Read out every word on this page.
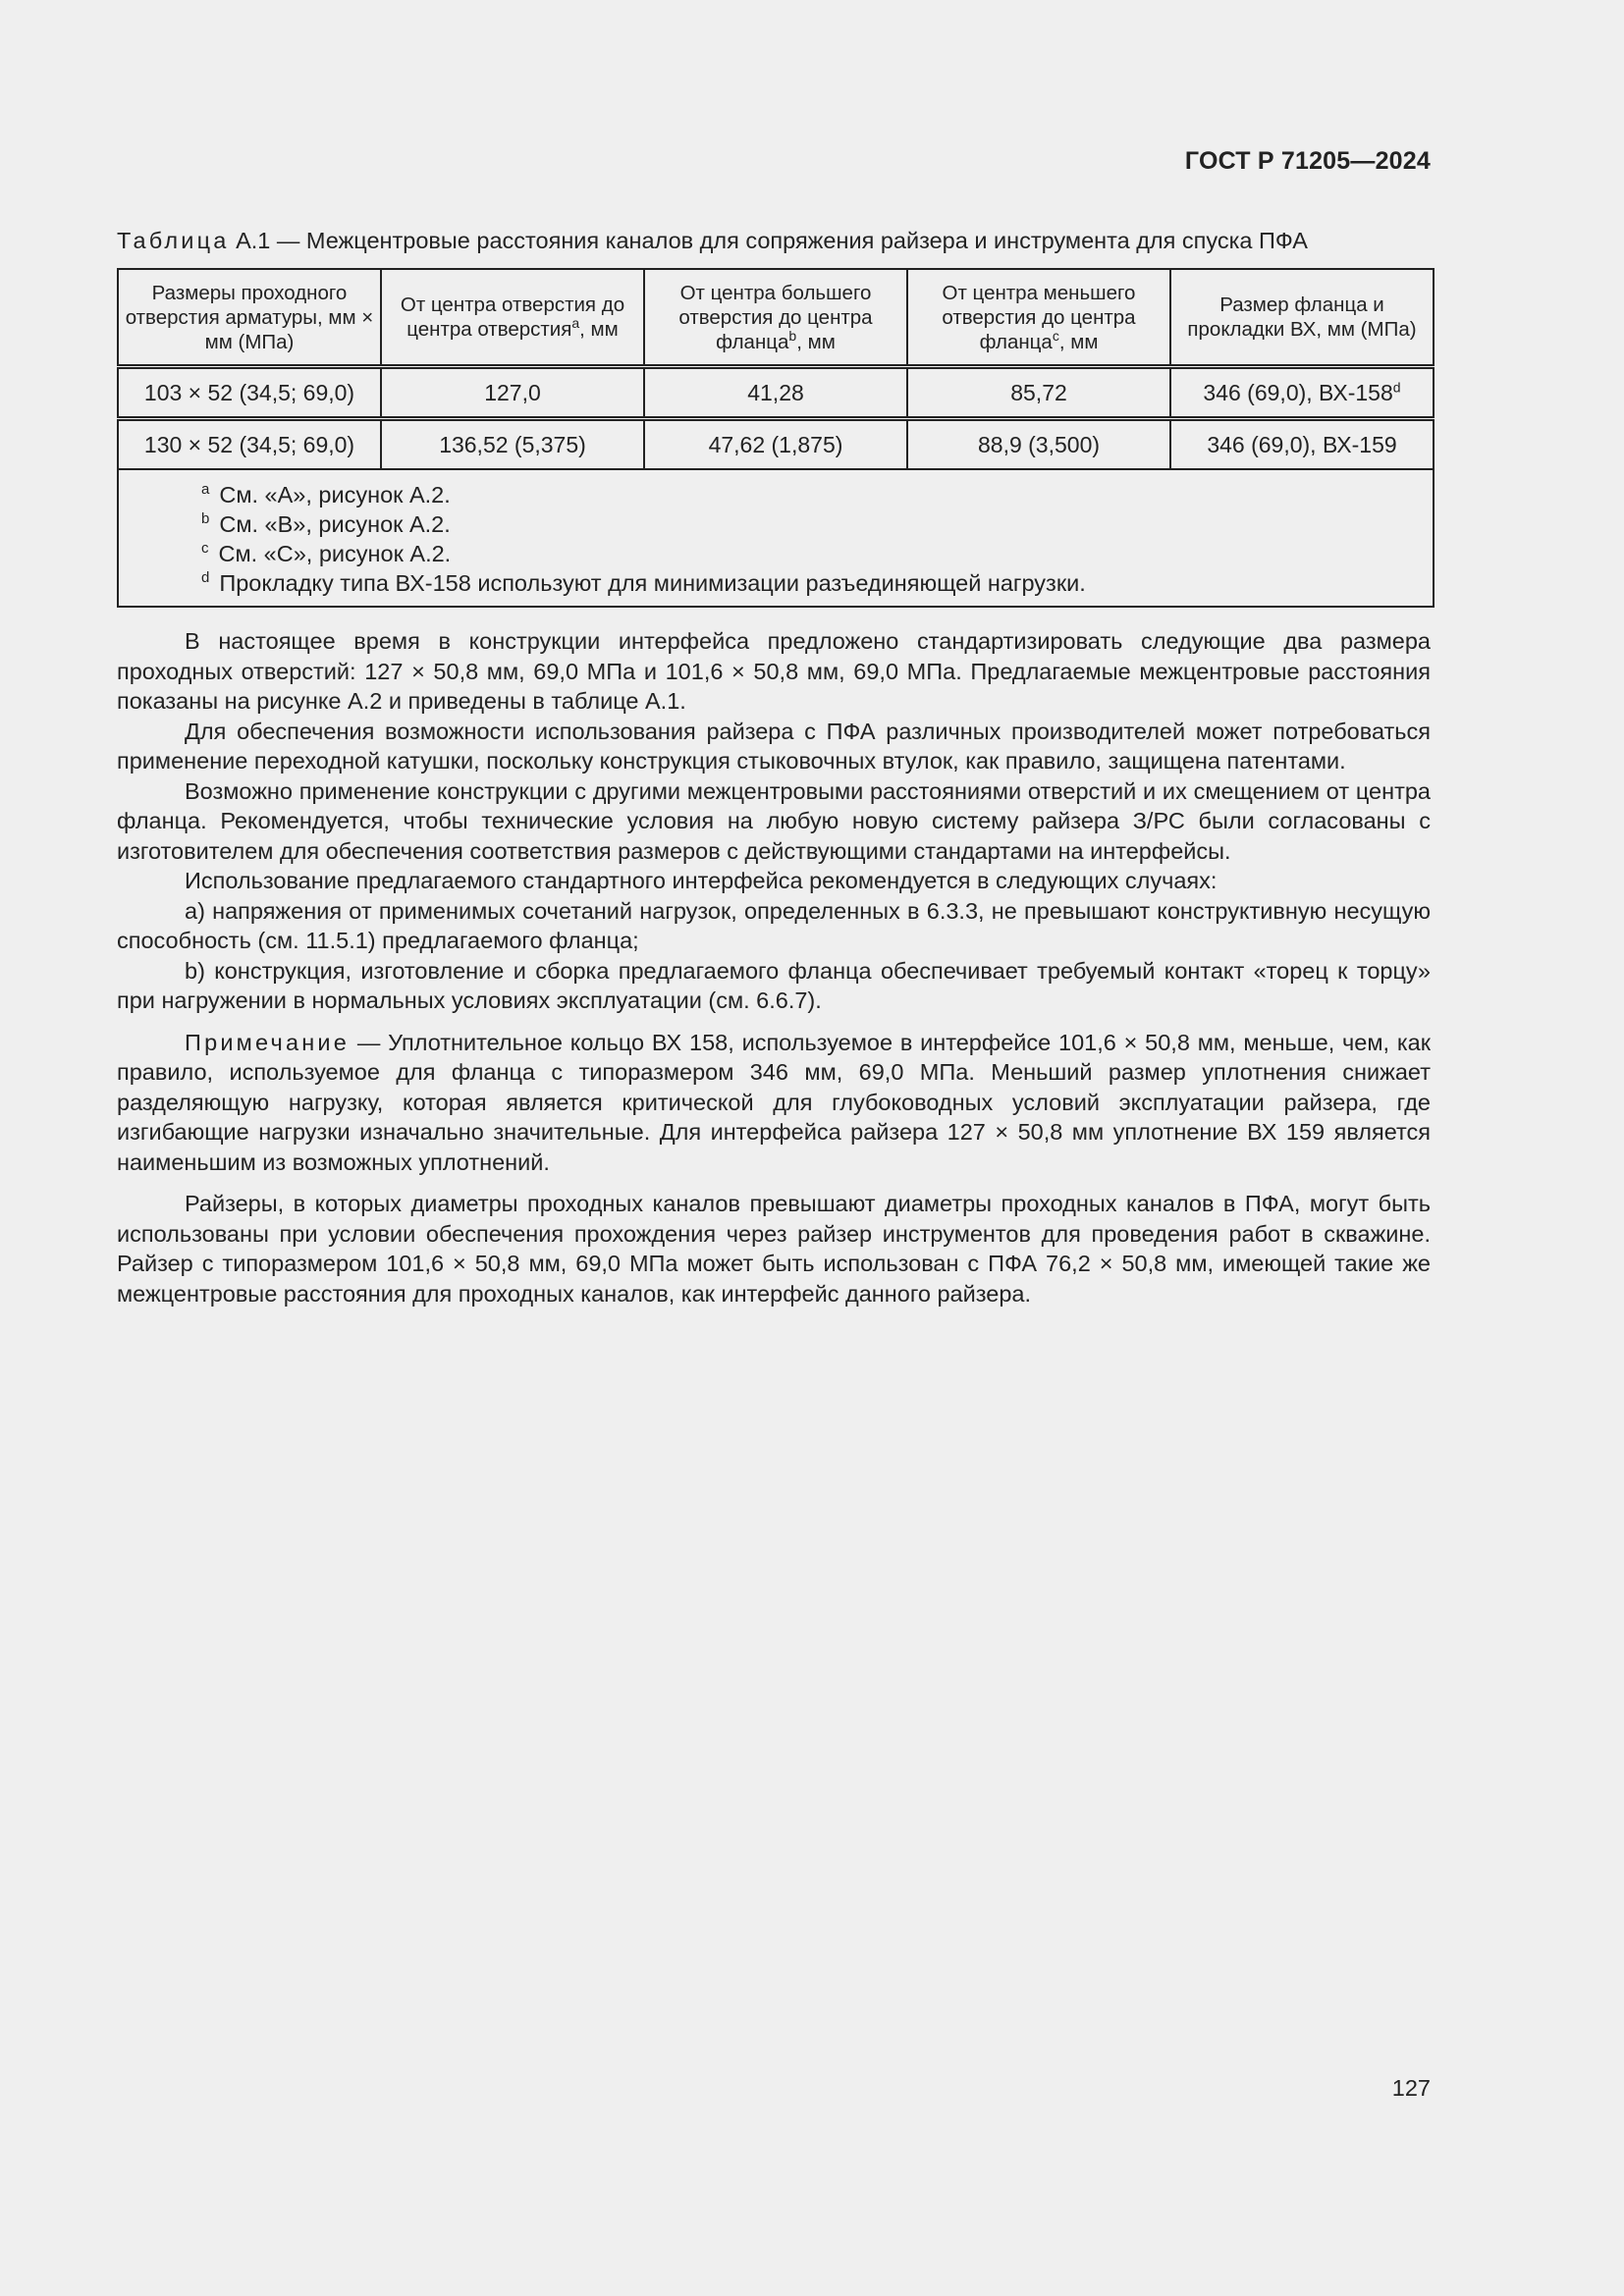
ГОСТ Р 71205—2024
Таблица А.1 — Межцентровые расстояния каналов для сопряжения райзера и инструмента для спуска ПФА
Размеры проходного отверстия арматуры, мм × мм (МПа)	От центра отверстия до центра отверстия$^a$, мм	От центра большего отверстия до центра фланца$^b$, мм	От центра меньшего отверстия до центра фланца$^c$, мм	Размер фланца и прокладки ВХ, мм (МПа)
103 × 52 (34,5; 69,0)	127,0	41,28	85,72	346 (69,0), ВХ-158$^d$
130 × 52 (34,5; 69,0)	136,52 (5,375)	47,62 (1,875)	88,9 (3,500)	346 (69,0), ВХ-159

$^a$ См. «А», рисунок А.2.
$^b$ См. «В», рисунок А.2.
$^c$ См. «С», рисунок А.2.
$^d$ Прокладку типа ВХ-158 используют для минимизации разъединяющей нагрузки.				

В настоящее время в конструкции интерфейса предложено стандартизировать следующие два размера проходных отверстий: 127 × 50,8 мм, 69,0 МПа и 101,6 × 50,8 мм, 69,0 МПа. Предлагаемые межцентровые расстояния показаны на рисунке А.2 и приведены в таблице А.1.

Для обеспечения возможности использования райзера с ПФА различных производителей может потребоваться применение переходной катушки, поскольку конструкция стыковочных втулок, как правило, защищена патентами.

Возможно применение конструкции с другими межцентровыми расстояниями отверстий и их смещением от центра фланца. Рекомендуется, чтобы технические условия на любую новую систему райзера З/РС были согласованы с изготовителем для обеспечения соответствия размеров с действующими стандартами на интерфейсы.

Использование предлагаемого стандартного интерфейса рекомендуется в следующих случаях:

a) напряжения от применимых сочетаний нагрузок, определенных в 6.3.3, не превышают конструктивную несущую способность (см. 11.5.1) предлагаемого фланца;

b) конструкция, изготовление и сборка предлагаемого фланца обеспечивает требуемый контакт «торец к торцу» при нагружении в нормальных условиях эксплуатации (см. 6.6.7).

Примечание — Уплотнительное кольцо ВХ 158, используемое в интерфейсе 101,6 × 50,8 мм, меньше, чем, как правило, используемое для фланца с типоразмером 346 мм, 69,0 МПа. Меньший размер уплотнения снижает разделяющую нагрузку, которая является критической для глубоководных условий эксплуатации райзера, где изгибающие нагрузки изначально значительные. Для интерфейса райзера 127 × 50,8 мм уплотнение ВХ 159 является наименьшим из возможных уплотнений.

Райзеры, в которых диаметры проходных каналов превышают диаметры проходных каналов в ПФА, могут быть использованы при условии обеспечения прохождения через райзер инструментов для проведения работ в скважине. Райзер с типоразмером 101,6 × 50,8 мм, 69,0 МПа может быть использован с ПФА 76,2 × 50,8 мм, имеющей такие же межцентровые расстояния для проходных каналов, как интерфейс данного райзера.

127
